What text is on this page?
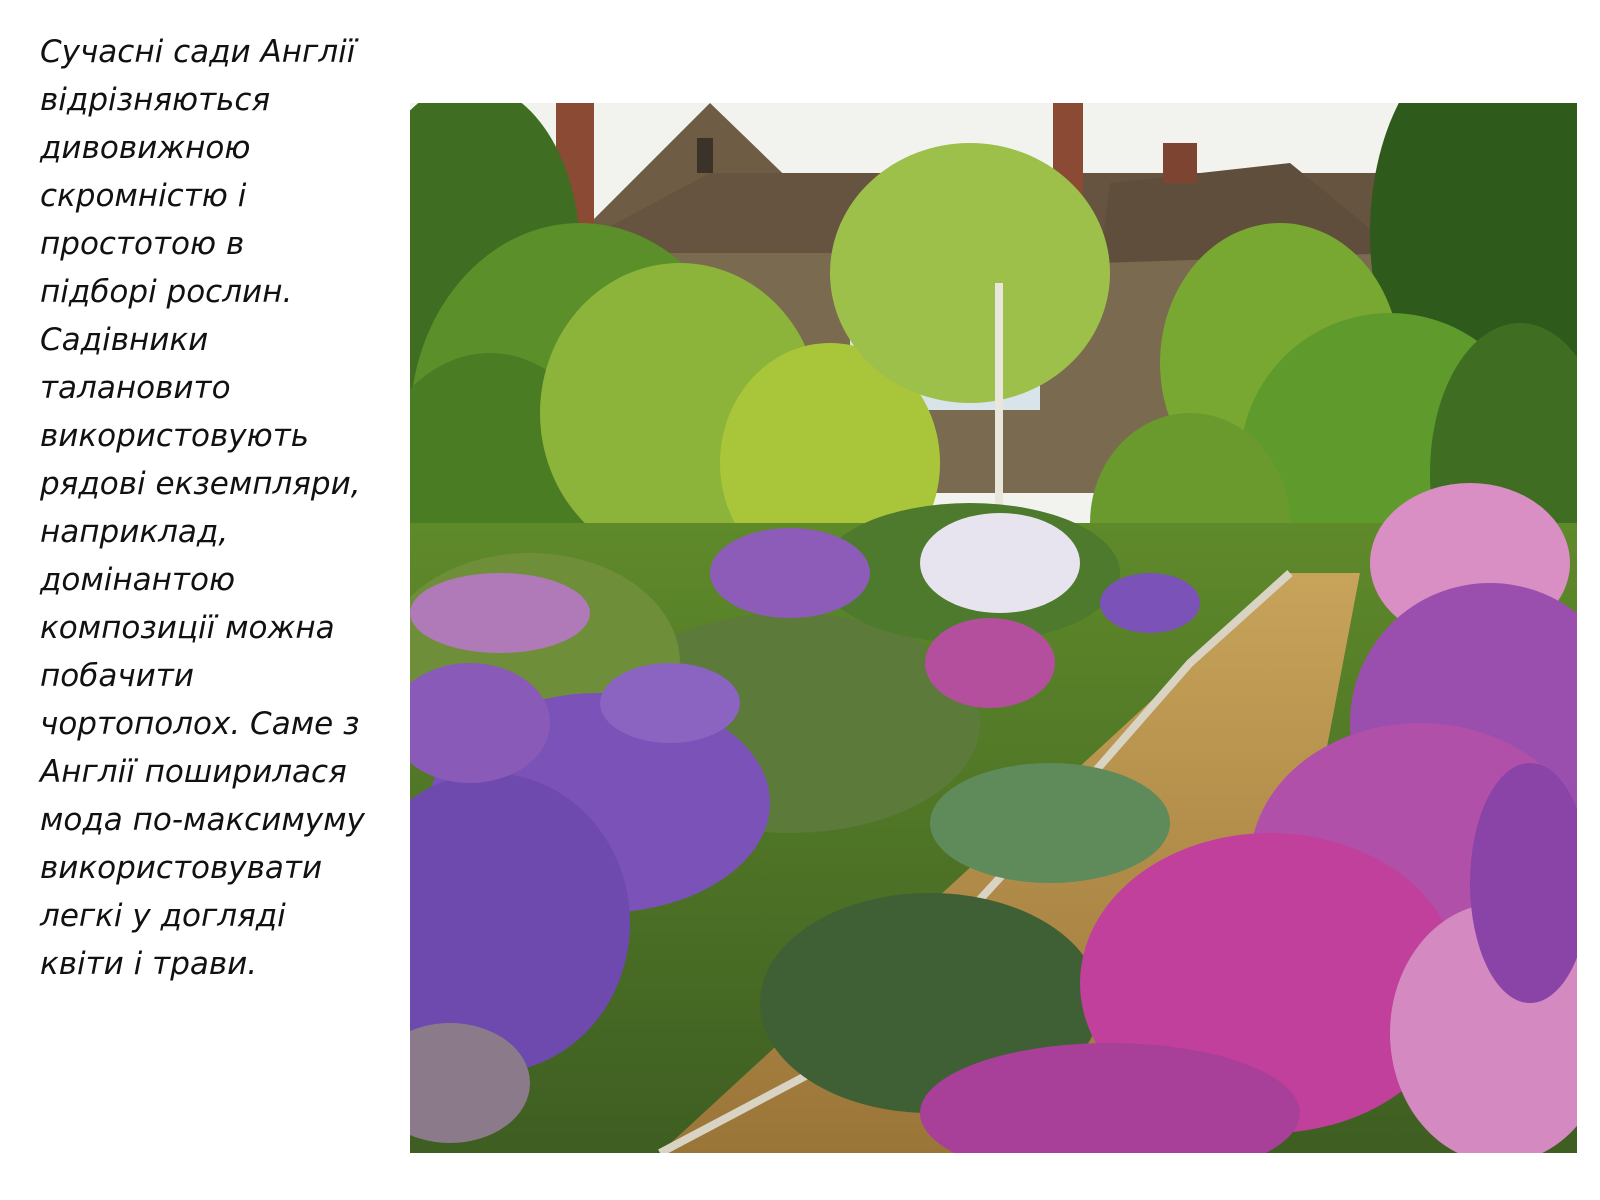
Сучасні сади Англії
відрізняються
дивовижною
скромністю і
простотою в
підборі рослин.
Садівники
талановито
використовують
рядові екземпляри,
наприклад,
домінантою
композиції можна
побачити
чортополох. Саме з
Англії поширилася
мода по-максимуму
використовувати
легкі у догляді
квіти і трави.
